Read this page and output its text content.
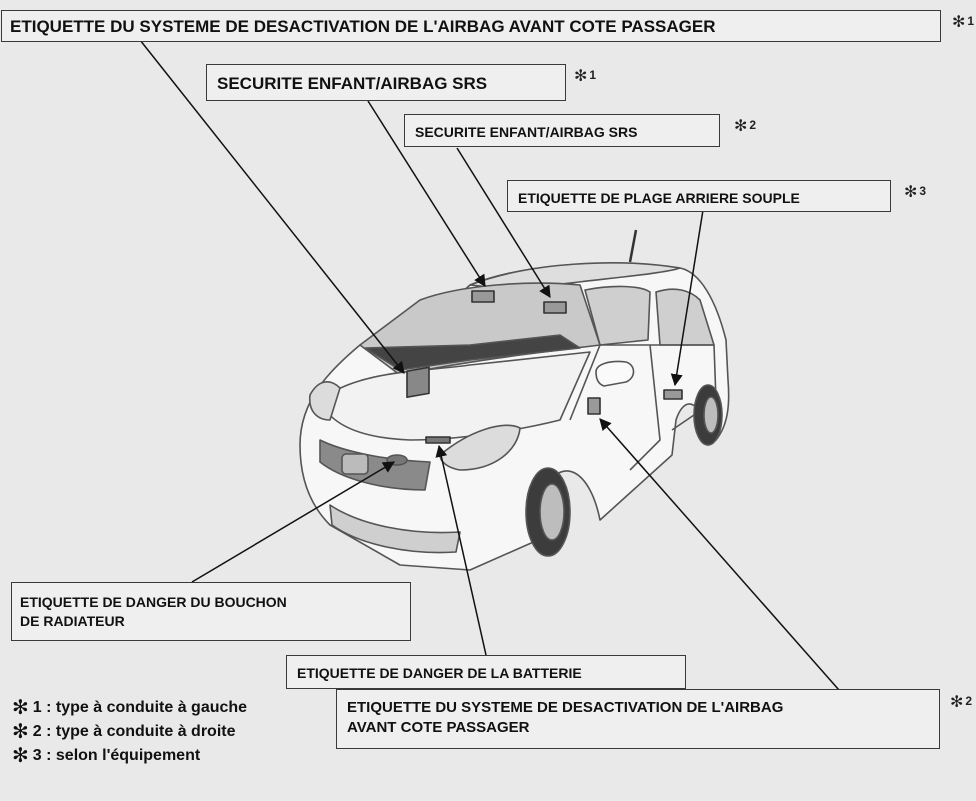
ETIQUETTE DU SYSTEME DE DESACTIVATION DE L'AIRBAG AVANT COTE PASSAGER	✻ 1
SECURITE ENFANT/AIRBAG SRS	✻ 1
SECURITE ENFANT/AIRBAG SRS	✻ 2
ETIQUETTE DE PLAGE ARRIERE SOUPLE	✻ 3
ETIQUETTE DE DANGER DU BOUCHON
DE RADIATEUR
ETIQUETTE DE DANGER DE LA BATTERIE
ETIQUETTE DU SYSTEME DE DESACTIVATION DE L'AIRBAG
AVANT COTE PASSAGER
✻ 2
✻ 1 : type à conduite à gauche
✻ 2 : type à conduite à droite
✻ 3 : selon l'équipement
